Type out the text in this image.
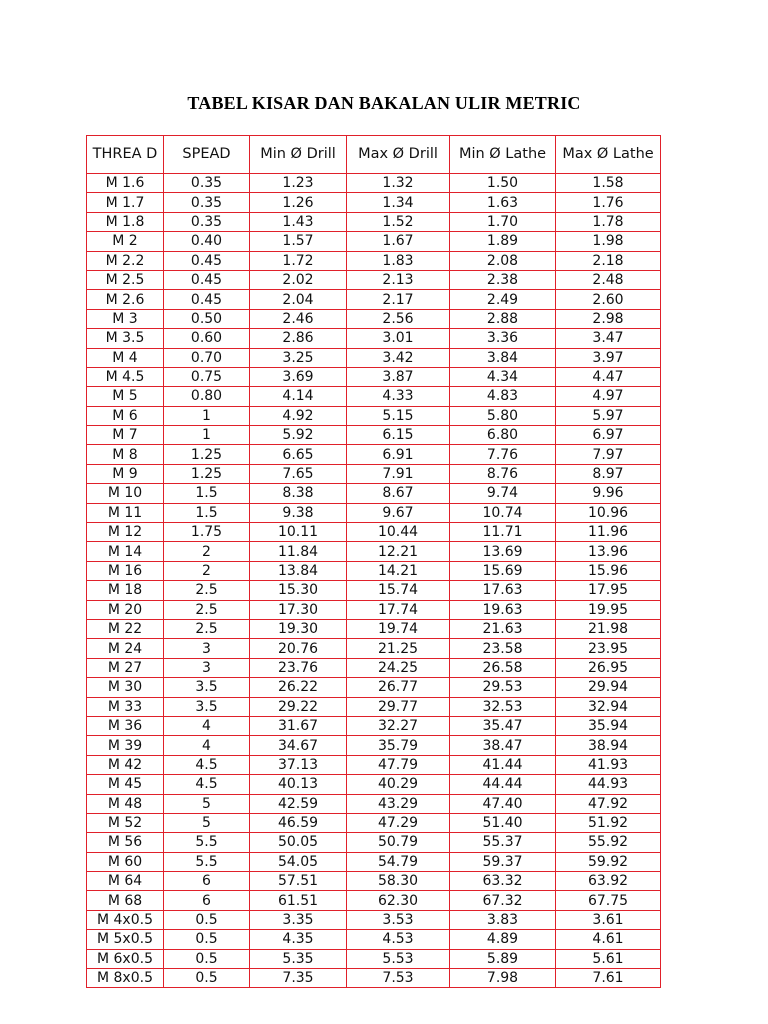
TABEL KISAR DAN BAKALAN ULIR METRIC
THREA D	SPEAD	Min Ø Drill	Max Ø Drill	Min Ø Lathe	Max Ø Lathe
M 1.6	0.35	1.23	1.32	1.50	1.58
M 1.7	0.35	1.26	1.34	1.63	1.76
M 1.8	0.35	1.43	1.52	1.70	1.78
M 2	0.40	1.57	1.67	1.89	1.98
M 2.2	0.45	1.72	1.83	2.08	2.18
M 2.5	0.45	2.02	2.13	2.38	2.48
M 2.6	0.45	2.04	2.17	2.49	2.60
M 3	0.50	2.46	2.56	2.88	2.98
M 3.5	0.60	2.86	3.01	3.36	3.47
M 4	0.70	3.25	3.42	3.84	3.97
M 4.5	0.75	3.69	3.87	4.34	4.47
M 5	0.80	4.14	4.33	4.83	4.97
M 6	1	4.92	5.15	5.80	5.97
M 7	1	5.92	6.15	6.80	6.97
M 8	1.25	6.65	6.91	7.76	7.97
M 9	1.25	7.65	7.91	8.76	8.97
M 10	1.5	8.38	8.67	9.74	9.96
M 11	1.5	9.38	9.67	10.74	10.96
M 12	1.75	10.11	10.44	11.71	11.96
M 14	2	11.84	12.21	13.69	13.96
M 16	2	13.84	14.21	15.69	15.96
M 18	2.5	15.30	15.74	17.63	17.95
M 20	2.5	17.30	17.74	19.63	19.95
M 22	2.5	19.30	19.74	21.63	21.98
M 24	3	20.76	21.25	23.58	23.95
M 27	3	23.76	24.25	26.58	26.95
M 30	3.5	26.22	26.77	29.53	29.94
M 33	3.5	29.22	29.77	32.53	32.94
M 36	4	31.67	32.27	35.47	35.94
M 39	4	34.67	35.79	38.47	38.94
M 42	4.5	37.13	47.79	41.44	41.93
M 45	4.5	40.13	40.29	44.44	44.93
M 48	5	42.59	43.29	47.40	47.92
M 52	5	46.59	47.29	51.40	51.92
M 56	5.5	50.05	50.79	55.37	55.92
M 60	5.5	54.05	54.79	59.37	59.92
M 64	6	57.51	58.30	63.32	63.92
M 68	6	61.51	62.30	67.32	67.75
M 4x0.5	0.5	3.35	3.53	3.83	3.61
M 5x0.5	0.5	4.35	4.53	4.89	4.61
M 6x0.5	0.5	5.35	5.53	5.89	5.61
M 8x0.5	0.5	7.35	7.53	7.98	7.61
